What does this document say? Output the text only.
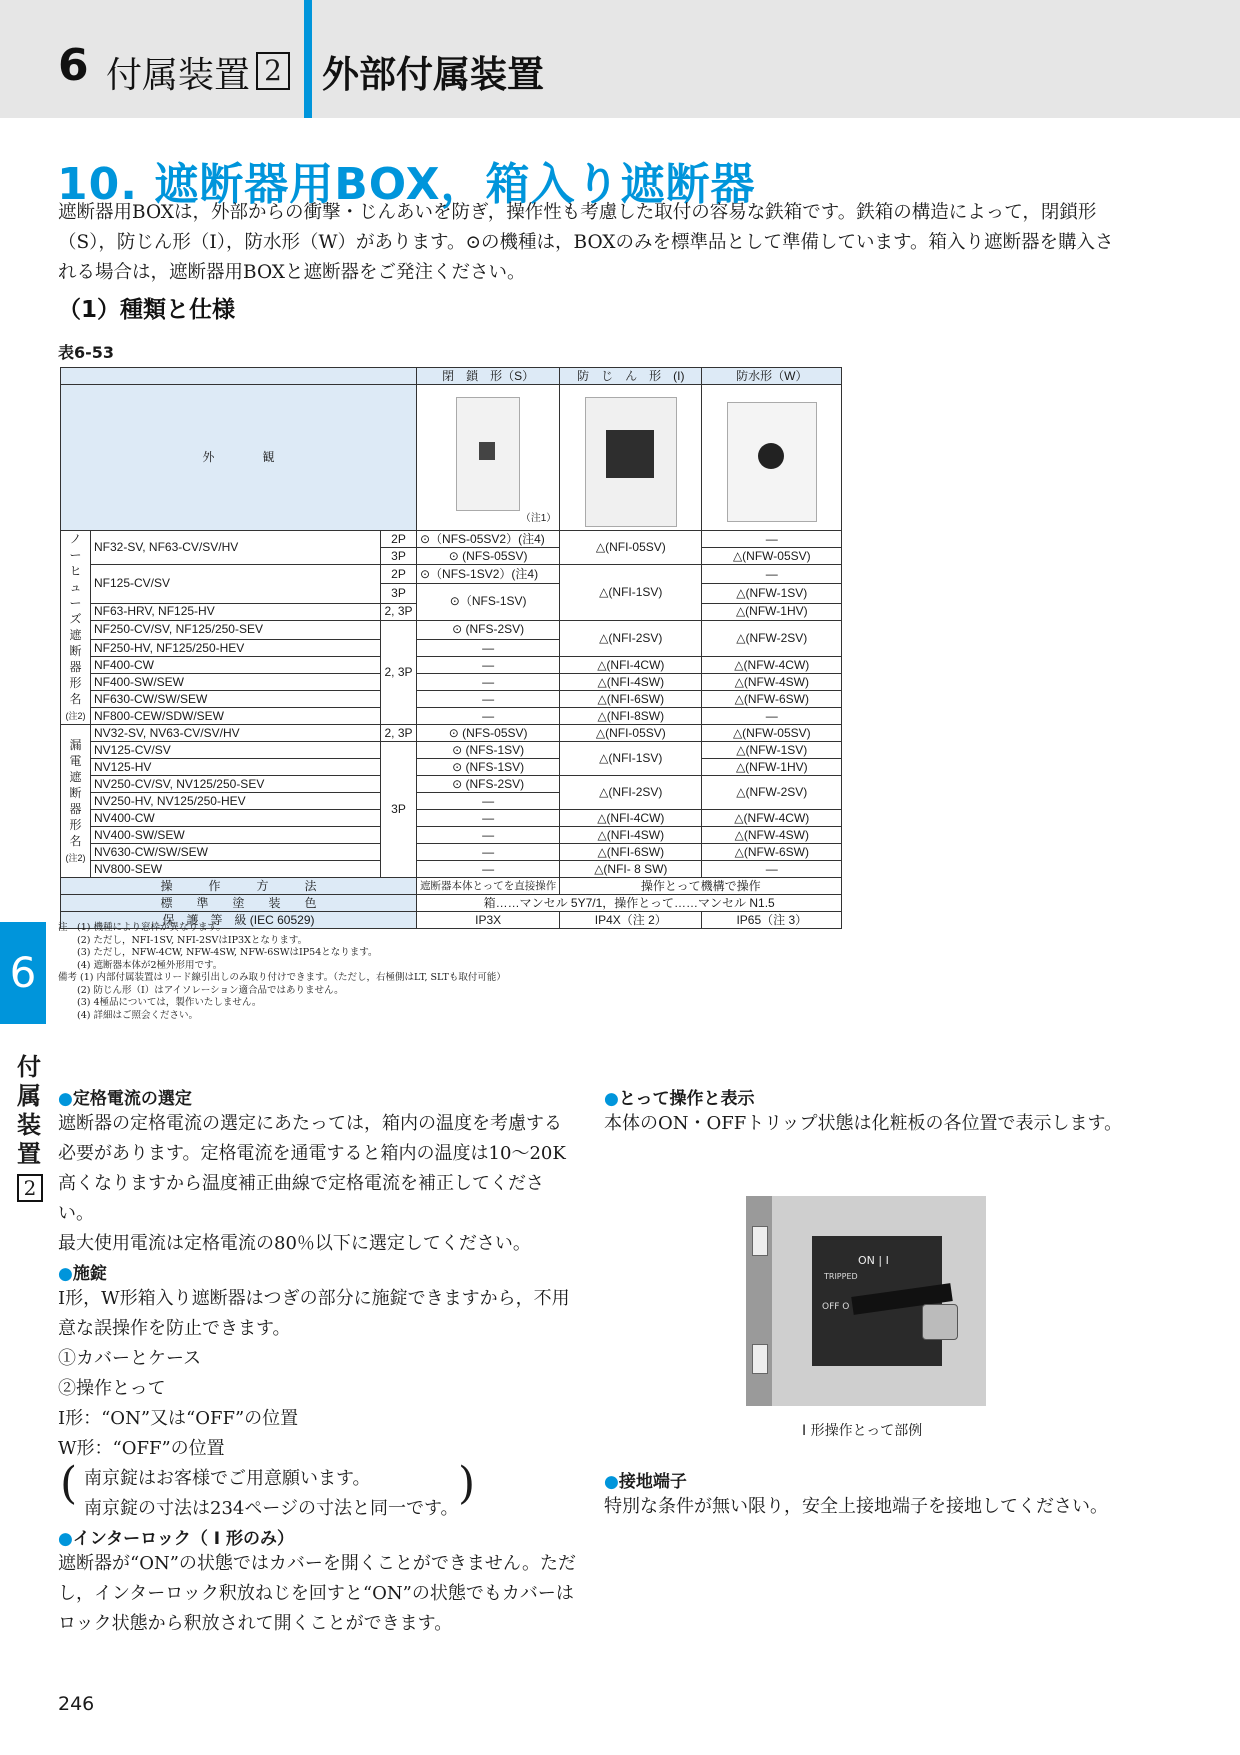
6 付属装置 2 外部付属装置
10. 遮断器用BOX，箱入り遮断器
遮断器用BOXは，外部からの衝撃・じんあいを防ぎ，操作性も考慮した取付の容易な鉄箱です。鉄箱の構造によって，閉鎖形（S），防じん形（I），防水形（W）があります。⊙の機種は，BOXのみを標準品として準備しています。箱入り遮断器を購入される場合は，遮断器用BOXと遮断器をご発注ください。
（1）種類と仕様
表6-53
			閉　鎖　形（S）	防　じ　ん　形　(I)	防水形（W）
外　　　　観			（注1）		

ノーヒューズ遮断器形名
(注2)	NF32-SV, NF63-CV/SV/HV	2P	⊙（NFS-05SV2）(注4)	△(NFI-05SV)	—
		3P	⊙ (NFS-05SV)		△(NFW-05SV)
	NF125-CV/SV	2P	⊙（NFS-1SV2）(注4)	△(NFI-1SV)	—
		3P	⊙（NFS-1SV)		△(NFW-1SV)
	NF63-HRV, NF125-HV	2, 3P			△(NFW-1HV)
	NF250-CV/SV, NF125/250-SEV	2, 3P	⊙ (NFS-2SV)	△(NFI-2SV)	△(NFW-2SV)
	NF250-HV, NF125/250-HEV		—		
	NF400-CW		—	△(NFI-4CW)	△(NFW-4CW)
	NF400-SW/SEW		—	△(NFI-4SW)	△(NFW-4SW)
	NF630-CW/SW/SEW		—	△(NFI-6SW)	△(NFW-6SW)
	NF800-CEW/SDW/SEW		—	△(NFI-8SW)	—
漏電遮断器形名
(注2)	NV32-SV, NV63-CV/SV/HV	2, 3P	⊙ (NFS-05SV)	△(NFI-05SV)	△(NFW-05SV)
	NV125-CV/SV	3P	⊙ (NFS-1SV)	△(NFI-1SV)	△(NFW-1SV)
	NV125-HV		⊙ (NFS-1SV)		△(NFW-1HV)
	NV250-CV/SV, NV125/250-SEV		⊙ (NFS-2SV)	△(NFI-2SV)	△(NFW-2SV)
	NV250-HV, NV125/250-HEV		—		
	NV400-CW		—	△(NFI-4CW)	△(NFW-4CW)
	NV400-SW/SEW		—	△(NFI-4SW)	△(NFW-4SW)
	NV630-CW/SW/SEW		—	△(NFI-6SW)	△(NFW-6SW)
	NV800-SEW		—	△(NFI- 8 SW)	—
操　　　作　　　方　　　法			遮断器本体とってを直接操作	操作とって機構で操作	
標　　準　　塗　　装　　色			箱……マンセル 5Y7/1，操作とって……マンセル N1.5		
保　護　等　級 (IEC 60529)			IP3X	IP4X（注 2）	IP65（注 3）
注　(1) 機種により窓枠が異なります。
　　(2) ただし，NFI-1SV, NFI-2SVはIP3Xとなります。
　　(3) ただし，NFW-4CW, NFW-4SW, NFW-6SWはIP54となります。
　　(4) 遮断器本体が2極外形用です。
備考 (1) 内部付属装置はリード線引出しのみ取り付けできます。（ただし，右極側はLT, SLTも取付可能）
　　(2) 防じん形（I）はアイソレーション適合品ではありません。
　　(3) 4極品については，製作いたしません。
　　(4) 詳細はご照会ください。
6
付属装置
2
●定格電流の選定
遮断器の定格電流の選定にあたっては，箱内の温度を考慮する必要があります。定格電流を通電すると箱内の温度は10〜20K高くなりますから温度補正曲線で定格電流を補正してください。
最大使用電流は定格電流の80％以下に選定してください。
●施錠
I形，W形箱入り遮断器はつぎの部分に施錠できますから，不用意な誤操作を防止できます。
①カバーとケース
②操作とって
I形：“ON”又は“OFF”の位置
W形：“OFF”の位置
(	)
南京錠はお客様でご用意願います。
南京錠の寸法は234ページの寸法と同一です。
●インターロック（ I 形のみ）
遮断器が“ON”の状態ではカバーを開くことができません。ただし，インターロック釈放ねじを回すと“ON”の状態でもカバーはロック状態から釈放されて開くことができます。
●とって操作と表示
本体のON・OFFトリップ状態は化粧板の各位置で表示します。
ON | I
TRIPPED
OFF O
I 形操作とって部例
●接地端子
特別な条件が無い限り，安全上接地端子を接地してください。
246
